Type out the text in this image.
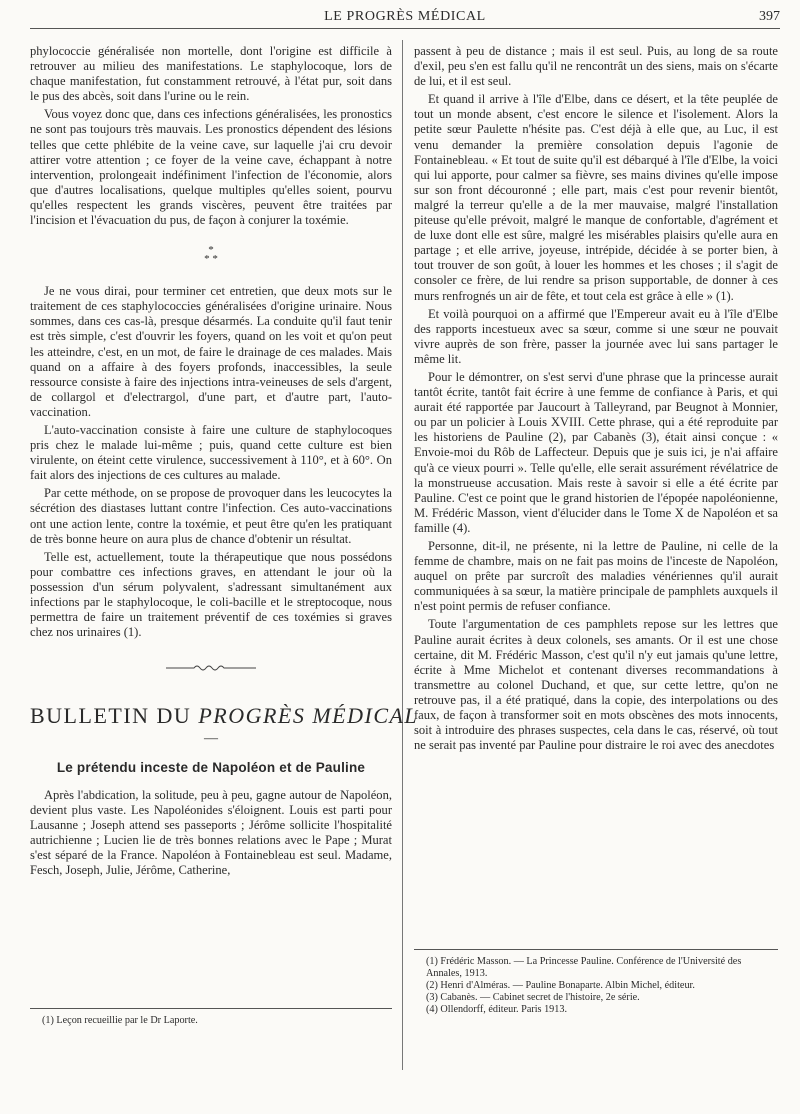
LE PROGRÈS MÉDICAL	397

phylococcie généralisée non mortelle, dont l'origine est difficile à retrouver au milieu des manifestations. Le staphylocoque, lors de chaque manifestation, fut constamment retrouvé, à l'état pur, soit dans le pus des abcès, soit dans l'urine ou le rein.

Vous voyez donc que, dans ces infections généralisées, les pronostics ne sont pas toujours très mauvais. Les pronostics dépendent des lésions telles que cette phlébite de la veine cave, sur laquelle j'ai cru devoir attirer votre attention ; ce foyer de la veine cave, échappant à notre intervention, prolongeait indéfiniment l'infection de l'économie, alors que d'autres localisations, quelque multiples qu'elles soient, pourvu qu'elles respectent les grands viscères, peuvent être traitées par l'incision et l'évacuation du pus, de façon à conjurer la toxémie.

*
* *

Je ne vous dirai, pour terminer cet entretien, que deux mots sur le traitement de ces staphylococcies généralisées d'origine urinaire. Nous sommes, dans ces cas-là, presque désarmés. La conduite qu'il faut tenir est très simple, c'est d'ouvrir les foyers, quand on les voit et qu'on peut les atteindre, c'est, en un mot, de faire le drainage de ces malades. Mais quand on a affaire à des foyers profonds, inaccessibles, la seule ressource consiste à faire des injections intra-veineuses de sels d'argent, de collargol et d'electrargol, d'une part, et d'autre part, l'auto-vaccination.

L'auto-vaccination consiste à faire une culture de staphylocoques pris chez le malade lui-même ; puis, quand cette culture est bien virulente, on éteint cette virulence, successivement à 110°, et à 60°. On fait alors des injections de ces cultures au malade.

Par cette méthode, on se propose de provoquer dans les leucocytes la sécrétion des diastases luttant contre l'infection. Ces auto-vaccinations ont une action lente, contre la toxémie, et peut être qu'en les pratiquant de très bonne heure on aura plus de chance d'obtenir un résultat.

Telle est, actuellement, toute la thérapeutique que nous possédons pour combattre ces infections graves, en attendant le jour où la possession d'un sérum polyvalent, s'adressant simultanément aux infections par le staphylocoque, le coli-bacille et le streptocoque, nous permettra de faire un traitement préventif de ces toxémies si graves chez nos urinaires (1).

BULLETIN DU PROGRÈS MÉDICAL
—
Le prétendu inceste de Napoléon et de Pauline

Après l'abdication, la solitude, peu à peu, gagne autour de Napoléon, devient plus vaste. Les Napoléonides s'éloignent. Louis est parti pour Lausanne ; Joseph attend ses passeports ; Jérôme sollicite l'hospitalité autrichienne ; Lucien lie de très bonnes relations avec le Pape ; Murat s'est séparé de la France. Napoléon à Fontainebleau est seul. Madame, Fesch, Joseph, Julie, Jérôme, Catherine,

(1) Leçon recueillie par le Dr Laporte.

passent à peu de distance ; mais il est seul. Puis, au long de sa route d'exil, peu s'en est fallu qu'il ne rencontrât un des siens, mais on s'écarte de lui, et il est seul.

Et quand il arrive à l'île d'Elbe, dans ce désert, et la tête peuplée de tout un monde absent, c'est encore le silence et l'isolement. Alors la petite sœur Paulette n'hésite pas. C'est déjà à elle que, au Luc, il est venu demander la première consolation depuis l'agonie de Fontainebleau. « Et tout de suite qu'il est débarqué à l'île d'Elbe, la voici qui lui apporte, pour calmer sa fièvre, ses mains divines qu'elle impose sur son front découronné ; elle part, mais c'est pour revenir bientôt, malgré la terreur qu'elle a de la mer mauvaise, malgré l'installation piteuse qu'elle prévoit, malgré le manque de confortable, d'agrément et de luxe dont elle est sûre, malgré les misérables plaisirs qu'elle aura en partage ; et elle arrive, joyeuse, intrépide, décidée à se porter bien, à tout trouver de son goût, à louer les hommes et les choses ; il s'agit de consoler ce frère, de lui rendre sa prison supportable, de donner à ces murs renfrognés un air de fête, et tout cela est grâce à elle » (1).

Et voilà pourquoi on a affirmé que l'Empereur avait eu à l'île d'Elbe des rapports incestueux avec sa sœur, comme si une sœur ne pouvait vivre auprès de son frère, passer la journée avec lui sans partager le même lit.

Pour le démontrer, on s'est servi d'une phrase que la princesse aurait tantôt écrite, tantôt fait écrire à une femme de confiance à Paris, et qui aurait été rapportée par Jaucourt à Talleyrand, par Beugnot à Monnier, ou par un policier à Louis XVIII. Cette phrase, qui a été reproduite par les historiens de Pauline (2), par Cabanès (3), était ainsi conçue : « Envoie-moi du Rôb de Laffecteur. Depuis que je suis ici, je n'ai affaire qu'à ce vieux pourri ». Telle qu'elle, elle serait assurément révélatrice de la monstrueuse accusation. Mais reste à savoir si elle a été écrite par Pauline. C'est ce point que le grand historien de l'épopée napoléonienne, M. Frédéric Masson, vient d'élucider dans le Tome X de Napoléon et sa famille (4).

Personne, dit-il, ne présente, ni la lettre de Pauline, ni celle de la femme de chambre, mais on ne fait pas moins de l'inceste de Napoléon, auquel on prête par surcroît des maladies vénériennes qu'il aurait communiquées à sa sœur, la matière principale de pamphlets auxquels il n'est point permis de refuser confiance.

Toute l'argumentation de ces pamphlets repose sur les lettres que Pauline aurait écrites à deux colonels, ses amants. Or il est une chose certaine, dit M. Frédéric Masson, c'est qu'il n'y eut jamais qu'une lettre, écrite à Mme Michelot et contenant diverses recommandations à transmettre au colonel Duchand, et que, sur cette lettre, qu'on ne retrouve pas, il a été pratiqué, dans la copie, des interpolations ou des faux, de façon à transformer soit en mots obscènes des mots innocents, soit à introduire des phrases suspectes, cela dans le cas, réservé, où tout ne serait pas inventé par Pauline pour distraire le roi avec des anecdotes

(1) Frédéric Masson. — La Princesse Pauline. Conférence de l'Université des Annales, 1913.
(2) Henri d'Alméras. — Pauline Bonaparte. Albin Michel, éditeur.
(3) Cabanès. — Cabinet secret de l'histoire, 2e série.
(4) Ollendorff, éditeur. Paris 1913.
